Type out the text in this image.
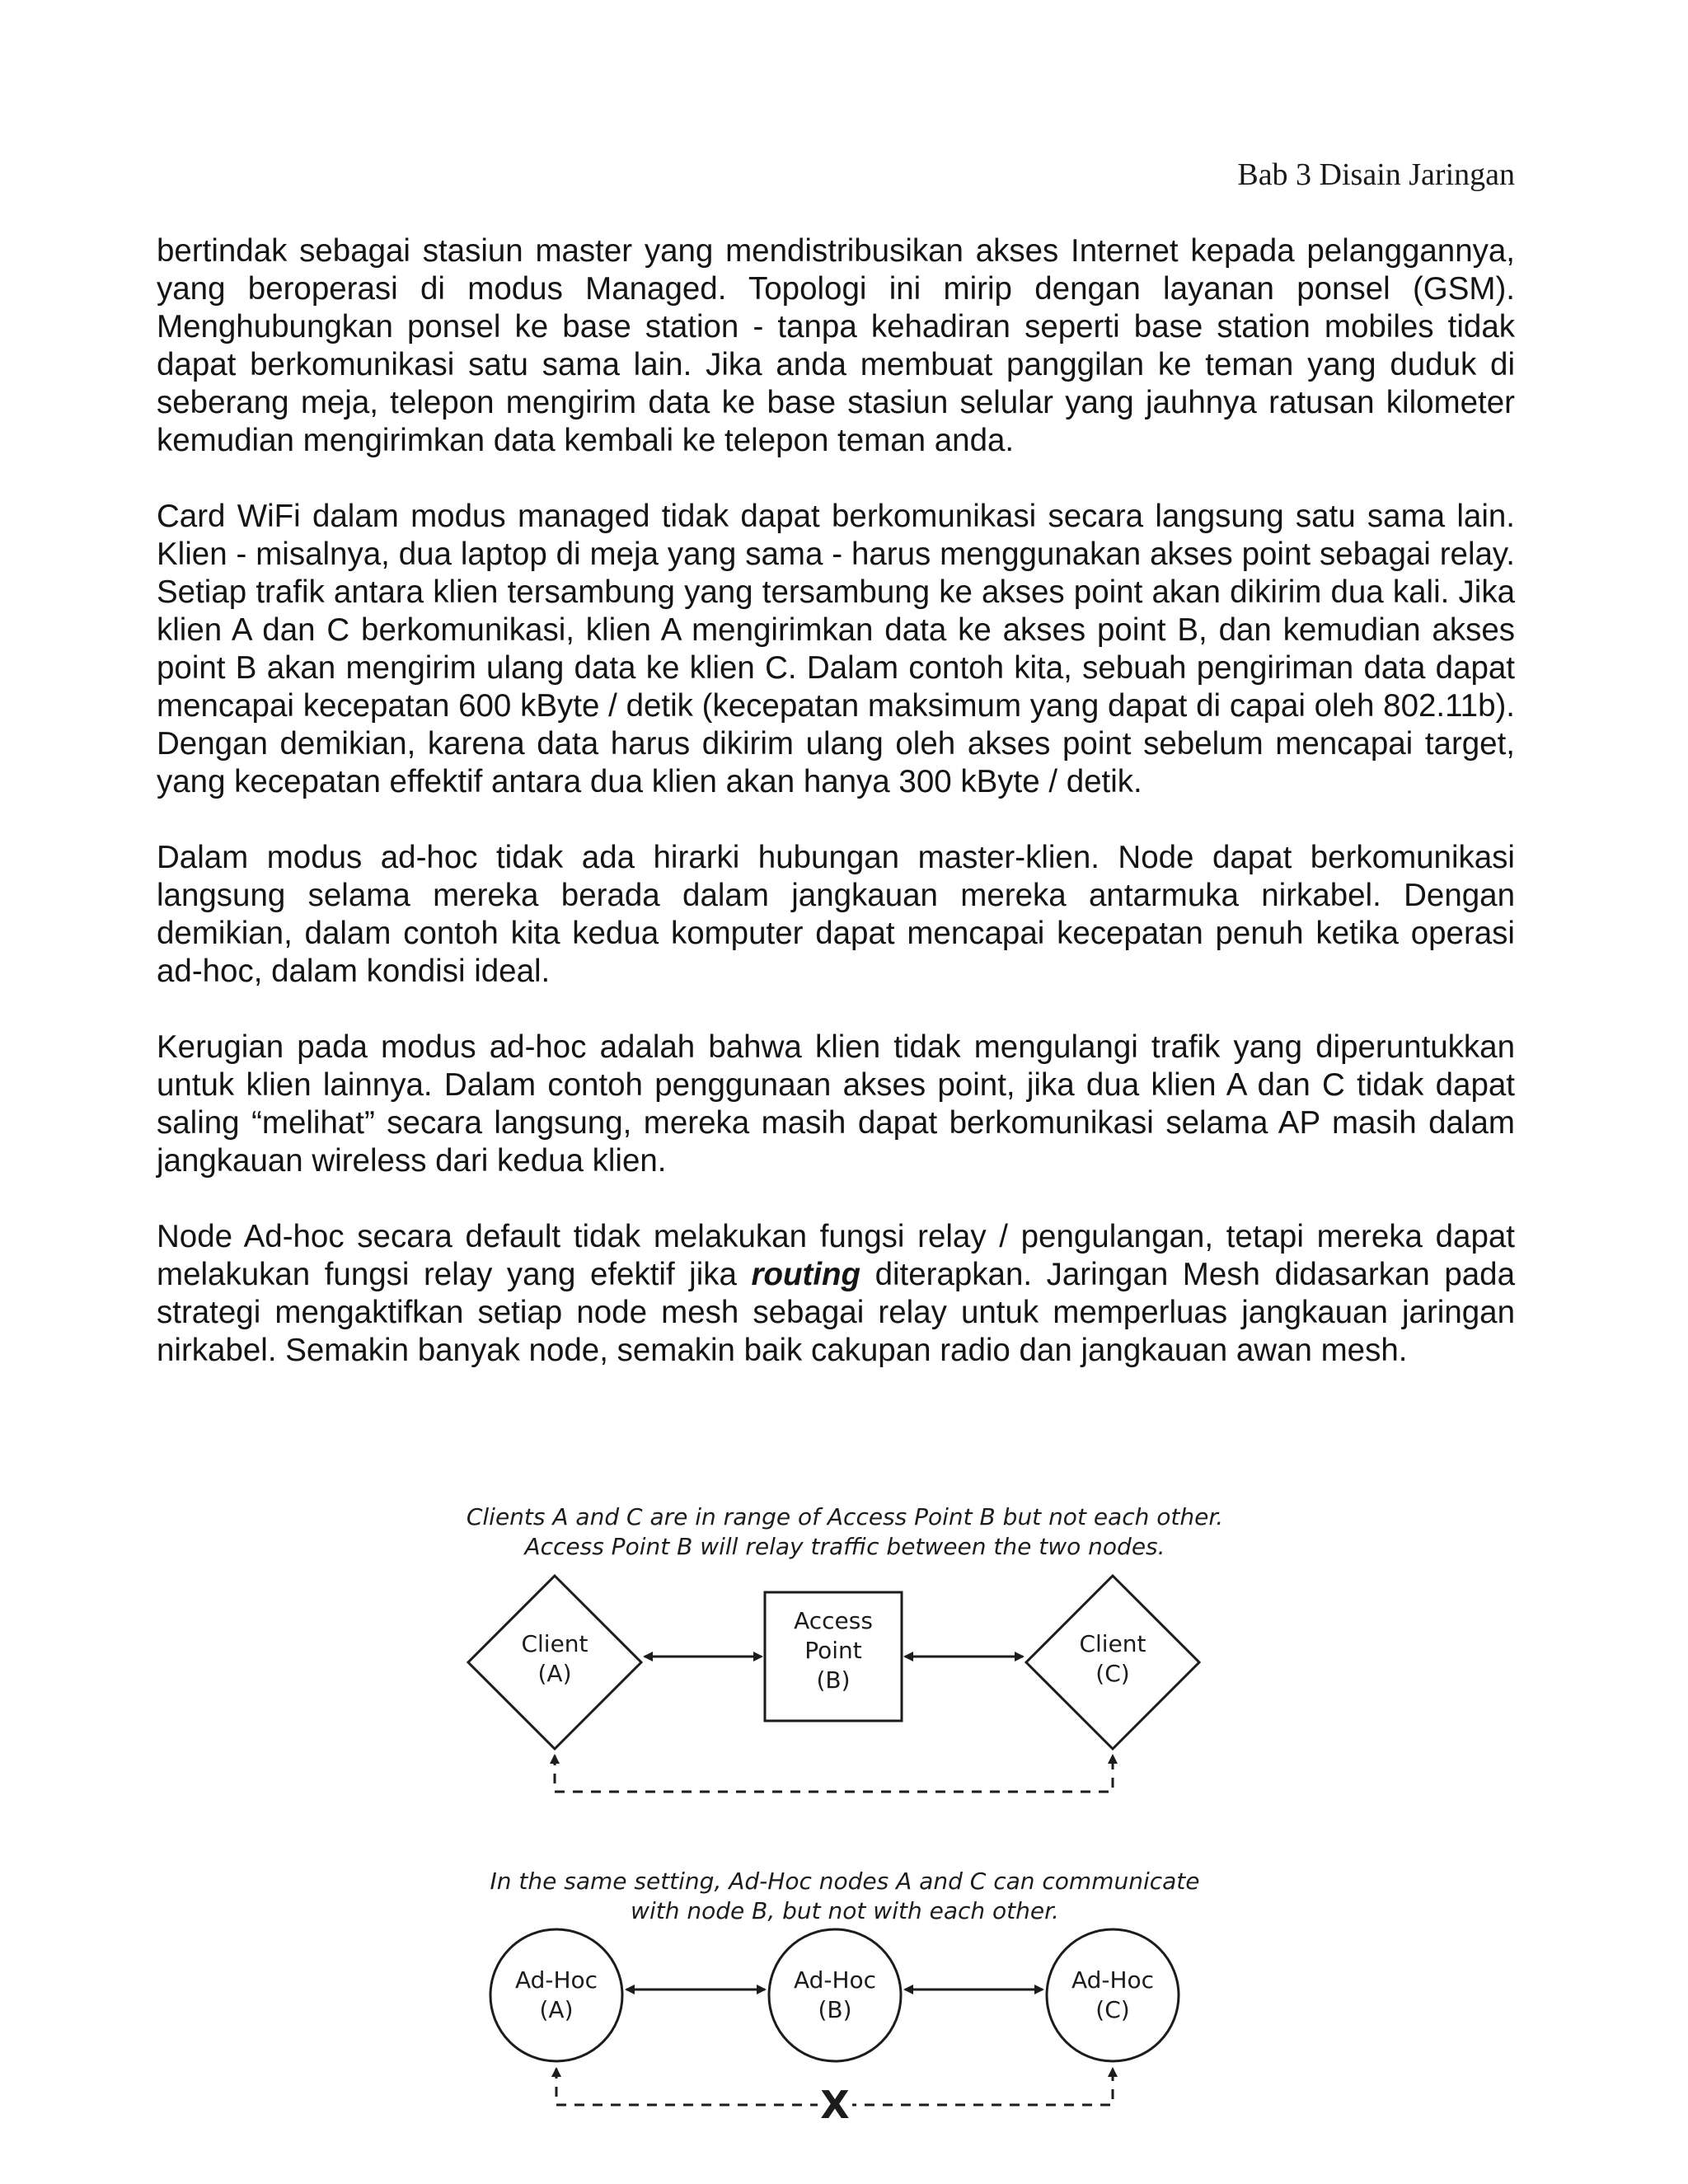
Bab 3 Disain Jaringan

bertindak sebagai stasiun master yang mendistribusikan akses Internet kepada pelanggannya, yang beroperasi di modus Managed. Topologi ini mirip dengan layanan ponsel (GSM). Menghubungkan ponsel ke base station - tanpa kehadiran seperti base station mobiles tidak dapat berkomunikasi satu sama lain. Jika anda membuat panggilan ke teman yang duduk di seberang meja, telepon mengirim data ke base stasiun selular yang jauhnya ratusan kilometer kemudian mengirimkan data kembali ke telepon teman anda.

Card WiFi dalam modus managed tidak dapat berkomunikasi secara langsung satu sama lain. Klien - misalnya, dua laptop di meja yang sama - harus menggunakan akses point sebagai relay. Setiap trafik antara klien tersambung yang tersambung ke akses point akan dikirim dua kali. Jika klien A dan C berkomunikasi, klien A mengirimkan data ke akses point B, dan kemudian akses point B akan mengirim ulang data ke klien C. Dalam contoh kita, sebuah pengiriman data dapat mencapai kecepatan 600 kByte / detik (kecepatan maksimum yang dapat di capai oleh 802.11b). Dengan demikian, karena data harus dikirim ulang oleh akses point sebelum mencapai target, yang kecepatan effektif antara dua klien akan hanya 300 kByte / detik.

Dalam modus ad-hoc tidak ada hirarki hubungan master-klien. Node dapat berkomunikasi langsung selama mereka berada dalam jangkauan mereka antarmuka nirkabel. Dengan demikian, dalam contoh kita kedua komputer dapat mencapai kecepatan penuh ketika operasi ad-hoc, dalam kondisi ideal.

Kerugian pada modus ad-hoc adalah bahwa klien tidak mengulangi trafik yang diperuntukkan untuk klien lainnya. Dalam contoh penggunaan akses point, jika dua klien A dan C tidak dapat saling “melihat” secara langsung, mereka masih dapat berkomunikasi selama AP masih dalam jangkauan wireless dari kedua klien.

Node Ad-hoc secara default tidak melakukan fungsi relay / pengulangan, tetapi mereka dapat melakukan fungsi relay yang efektif jika routing diterapkan. Jaringan Mesh didasarkan pada strategi mengaktifkan setiap node mesh sebagai relay untuk memperluas jangkauan jaringan nirkabel. Semakin banyak node, semakin baik cakupan radio dan jangkauan awan mesh.

Clients A and C are in range of Access Point B but not each other.
Access Point B will relay traffic between the two nodes.
Client
(A)
Access
Point
(B)
Client
(C)
In the same setting, Ad-Hoc nodes A and C can communicate
with node B, but not with each other.
Ad-Hoc
(A)
Ad-Hoc
(B)
Ad-Hoc
(C)
X
